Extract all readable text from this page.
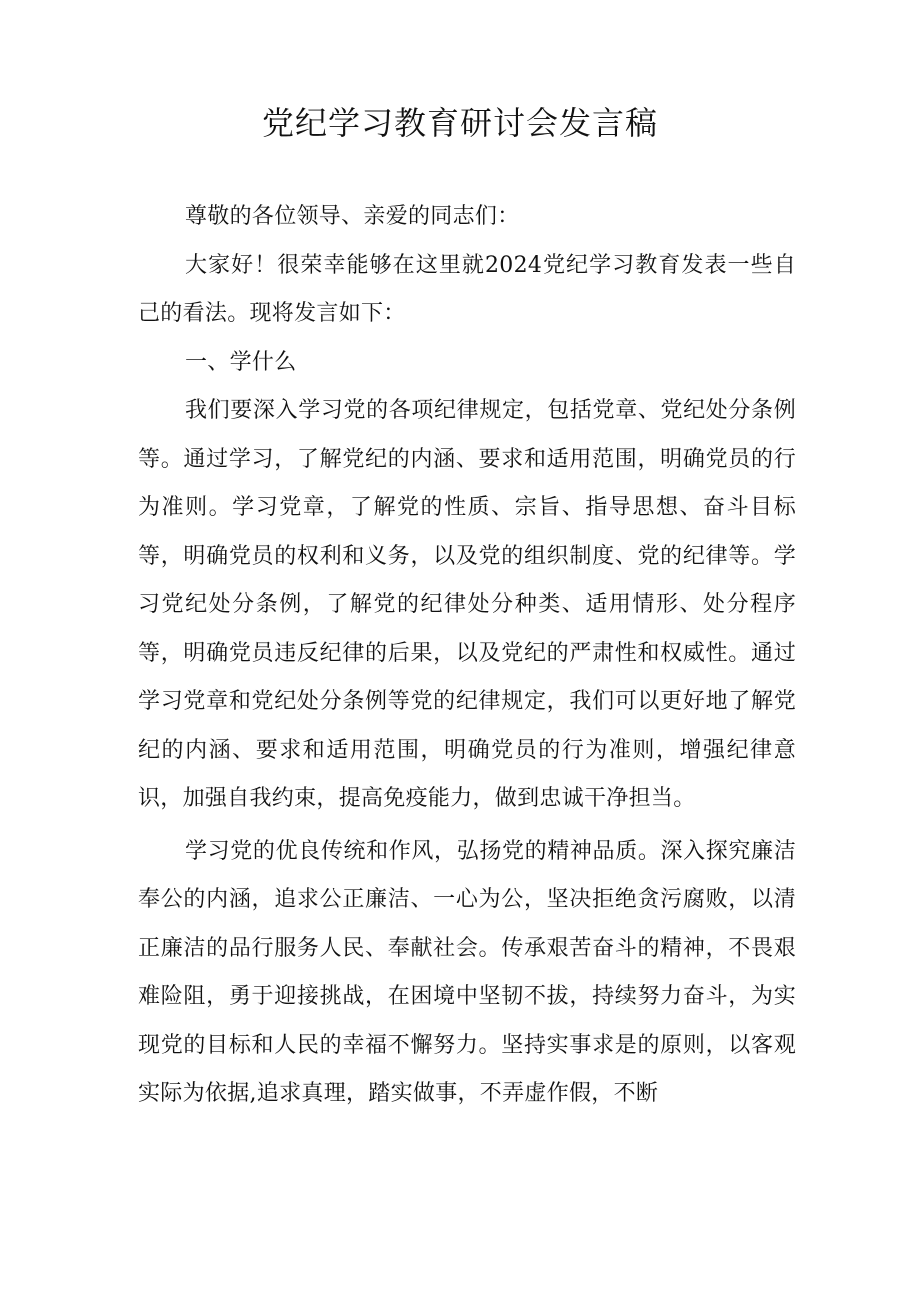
党纪学习教育研讨会发言稿

尊敬的各位领导、亲爱的同志们：

大家好！很荣幸能够在这里就2024党纪学习教育发表一些自己的看法。现将发言如下：

一、学什么

我们要深入学习党的各项纪律规定，包括党章、党纪处分条例等。通过学习，了解党纪的内涵、要求和适用范围，明确党员的行为准则。学习党章，了解党的性质、宗旨、指导思想、奋斗目标等，明确党员的权利和义务，以及党的组织制度、党的纪律等。学习党纪处分条例，了解党的纪律处分种类、适用情形、处分程序等，明确党员违反纪律的后果，以及党纪的严肃性和权威性。通过学习党章和党纪处分条例等党的纪律规定，我们可以更好地了解党纪的内涵、要求和适用范围，明确党员的行为准则，增强纪律意识，加强自我约束，提高免疫能力，做到忠诚干净担当。

学习党的优良传统和作风，弘扬党的精神品质。深入探究廉洁奉公的内涵，追求公正廉洁、一心为公，坚决拒绝贪污腐败，以清正廉洁的品行服务人民、奉献社会。传承艰苦奋斗的精神，不畏艰难险阻，勇于迎接挑战，在困境中坚韧不拔，持续努力奋斗，为实现党的目标和人民的幸福不懈努力。坚持实事求是的原则，以客观实际为依据,追求真理，踏实做事，不弄虚作假，不断
